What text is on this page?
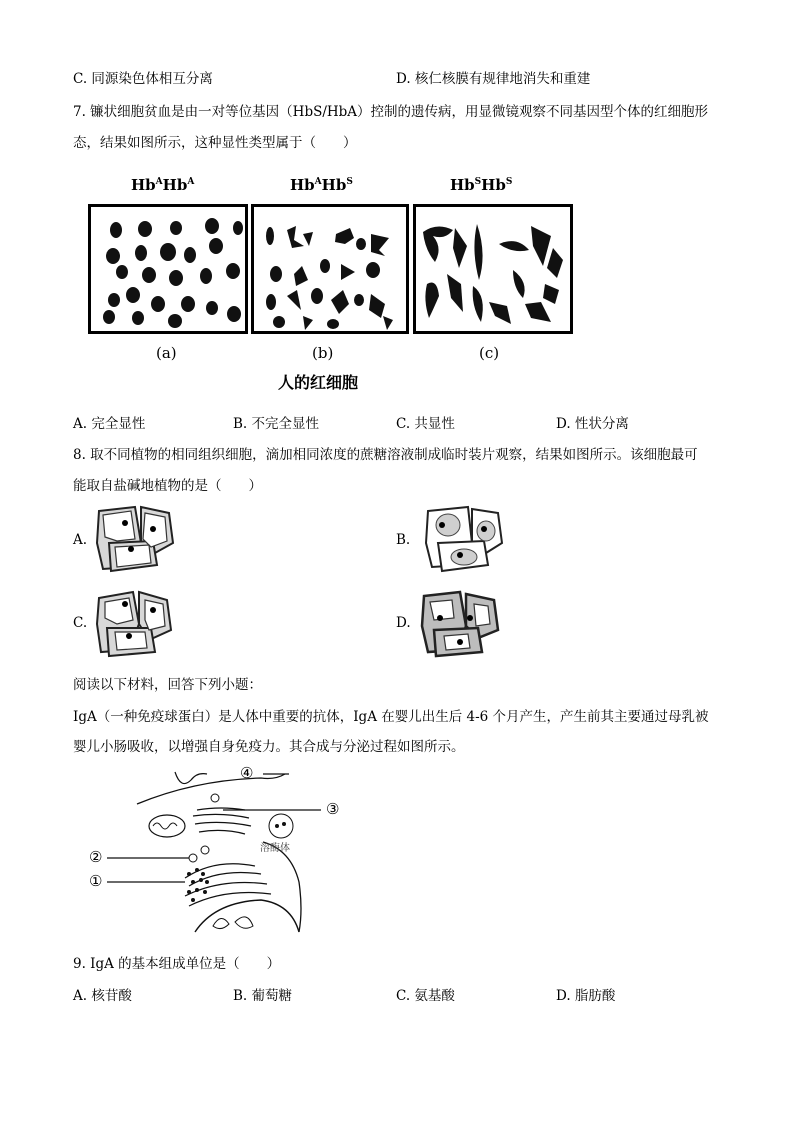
C. 同源染色体相互分离	D. 核仁核膜有规律地消失和重建
7. 镰状细胞贫血是由一对等位基因（HbS/HbA）控制的遗传病，用显微镜观察不同基因型个体的红细胞形
态，结果如图所示，这种显性类型属于（　　）
$Hb^AHb^A$	$Hb^AHb^S$	$Hb^SHb^S$
(a)	(b)	(c)
人的红细胞
A. 完全显性	B. 不完全显性	C. 共显性	D. 性状分离
8. 取不同植物的相同组织细胞，滴加相同浓度的蔗糖溶液制成临时装片观察，结果如图所示。该细胞最可
能取自盐碱地植物的是（　　）
A.	B.
C.	D.
阅读以下材料，回答下列小题：
IgA（一种免疫球蛋白）是人体中重要的抗体，IgA 在婴儿出生后 4-6 个月产生，产生前其主要通过母乳被
婴儿小肠吸收，以增强自身免疫力。其合成与分泌过程如图所示。
④
③
②
①
溶酶体
9. IgA 的基本组成单位是（　　）
A. 核苷酸	B. 葡萄糖	C. 氨基酸	D. 脂肪酸
